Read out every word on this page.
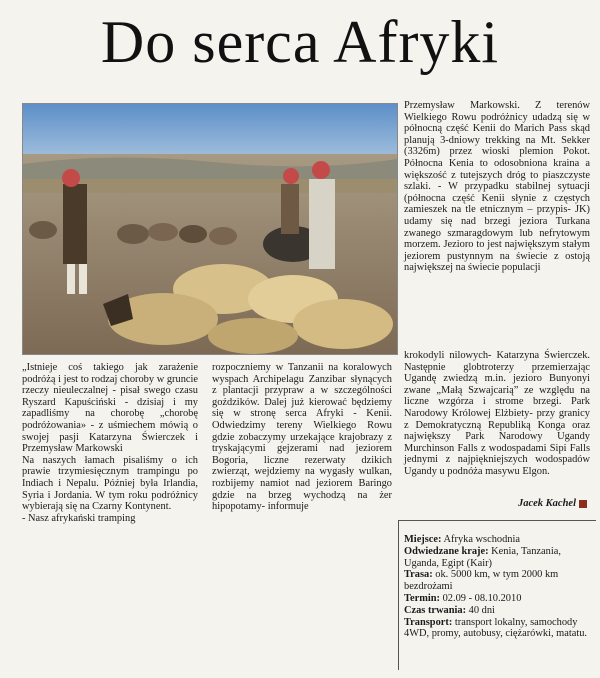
Do serca Afryki

Przemysław Markowski. Z terenów Wielkiego Rowu podróżnicy udadzą się w północną część Kenii do Marich Pass skąd planują 3-dniowy trekking na Mt. Sekker (3326m) przez wioski plemion Pokot. Północna Kenia to odosobniona kraina a większość z tutejszych dróg to piaszczyste szlaki. - W przypadku stabilnej sytuacji (północna część Kenii słynie z częstych zamieszek na tle etnicznym – przypis- JK) udamy się nad brzegi jeziora Turkana zwanego szmaragdowym lub nefrytowym morzem. Jezioro to jest największym stałym jeziorem pustynnym na świecie z ostoją największej na świecie populacji

„Istnieje coś takiego jak zarażenie podróżą i jest to rodzaj choroby w gruncie rzeczy nieuleczalnej - pisał swego czasu Ryszard Kapuściński - dzisiaj i my zapadliśmy na chorobę „chorobę podróżowania» - z uśmiechem mówią o swojej pasji Katarzyna Świerczek i Przemysław Markowski

Na naszych łamach pisaliśmy o ich prawie trzymiesięcznym trampingu po Indiach i Nepalu. Później była Irlandia, Syria i Jordania. W tym roku podróżnicy wybierają się na Czarny Kontynent.

- Nasz afrykański tramping

rozpoczniemy w Tanzanii na koralowych wyspach Archipelagu Zanzibar słynących z plantacji przypraw a w szczególności goździków. Dalej już kierować będziemy się w stronę serca Afryki - Kenii. Odwiedzimy tereny Wielkiego Rowu gdzie zobaczymy urzekające krajobrazy z tryskającymi gejzerami nad jeziorem Bogoria, liczne rezerwaty dzikich zwierząt, wejdziemy na wygasły wulkan, rozbijemy namiot nad jeziorem Baringo gdzie na brzeg wychodzą na żer hipopotamy- informuje

krokodyli nilowych- Katarzyna Świerczek. Następnie globtroterzy przemierzając Ugandę zwiedzą m.in. jezioro Bunyonyi zwane „Małą Szwajcarią” ze względu na liczne wzgórza i strome brzegi. Park Narodowy Królowej Elżbiety- przy granicy z Demokratyczną Republiką Konga oraz największy Park Narodowy Ugandy Murchinson Falls z wodospadami Sipi Falls jednymi z najpiękniejszych wodospadów Ugandy u podnóża masywu Elgon.

Jacek Kachel

Miejsce: Afryka wschodnia

Odwiedzane kraje: Kenia, Tanzania, Uganda, Egipt (Kair)

Trasa: ok. 5000 km, w tym 2000 km bezdrożami

Termin: 02.09 - 08.10.2010

Czas trwania: 40 dni

Transport: transport lokalny, samochody 4WD, promy, autobusy, ciężarówki, matatu.
